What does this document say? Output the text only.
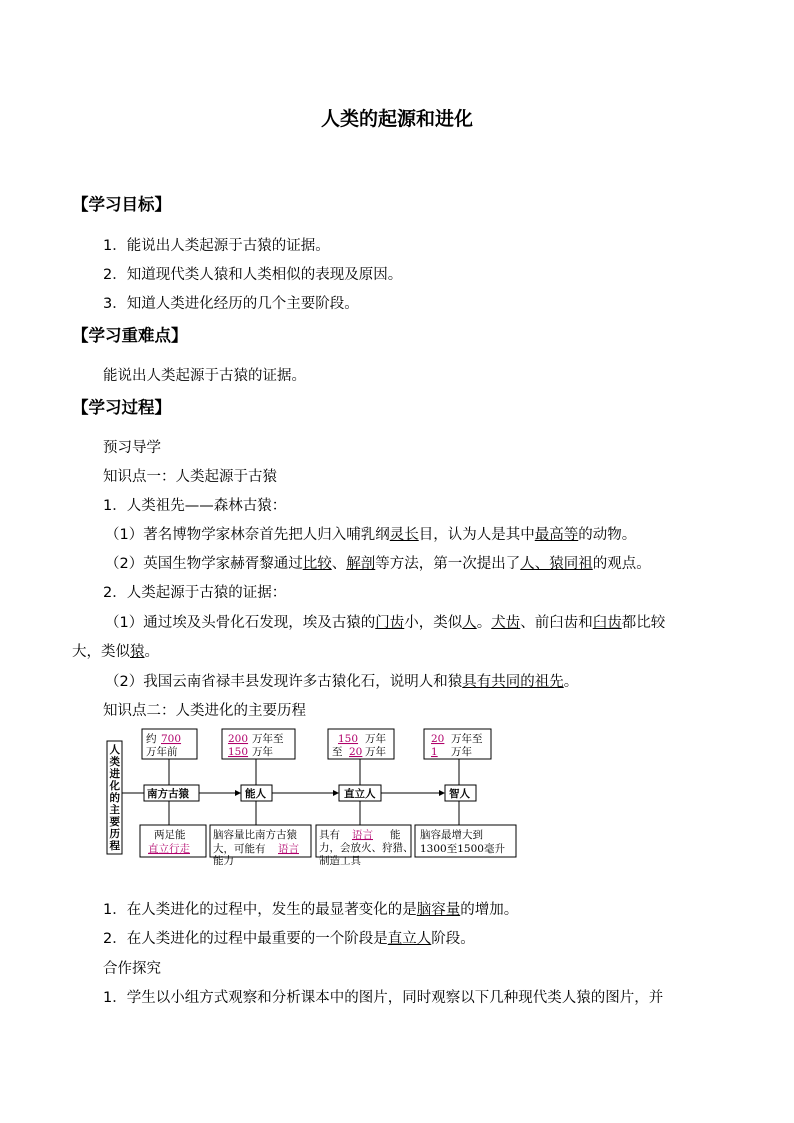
人类的起源和进化
【学习目标】
1．能说出人类起源于古猿的证据。
2．知道现代类人猿和人类相似的表现及原因。
3．知道人类进化经历的几个主要阶段。
【学习重难点】
能说出人类起源于古猿的证据。
【学习过程】
预习导学
知识点一：人类起源于古猿
1．人类祖先——森林古猿：
（1）著名博物学家林奈首先把人归入哺乳纲灵长目，认为人是其中最高等的动物。
（2）英国生物学家赫胥黎通过比较、解剖等方法，第一次提出了人、猿同祖的观点。
2．人类起源于古猿的证据：
（1）通过埃及头骨化石发现，埃及古猿的门齿小，类似人。犬齿、前臼齿和臼齿都比较
大，类似猿。
（2）我国云南省禄丰县发现许多古猿化石，说明人和猿具有共同的祖先。
知识点二：人类进化的主要历程
人
类
进
化
的
主
要
历
程
约 700
万年前
200 万年至
150 万年
150 万年
至 20 万年
20 万年至
1 万年
南方古猿	能人	直立人	智人
两足能
直立行走
脑容量比南方古猿
大，可能有 语言
能力
具有 语言 能
力，会放火、狩猎、
制造工具
脑容最增大到
1300至1500毫升
1．在人类进化的过程中，发生的最显著变化的是脑容量的增加。
2．在人类进化的过程中最重要的一个阶段是直立人阶段。
合作探究
1．学生以小组方式观察和分析课本中的图片，同时观察以下几种现代类人猿的图片，并
